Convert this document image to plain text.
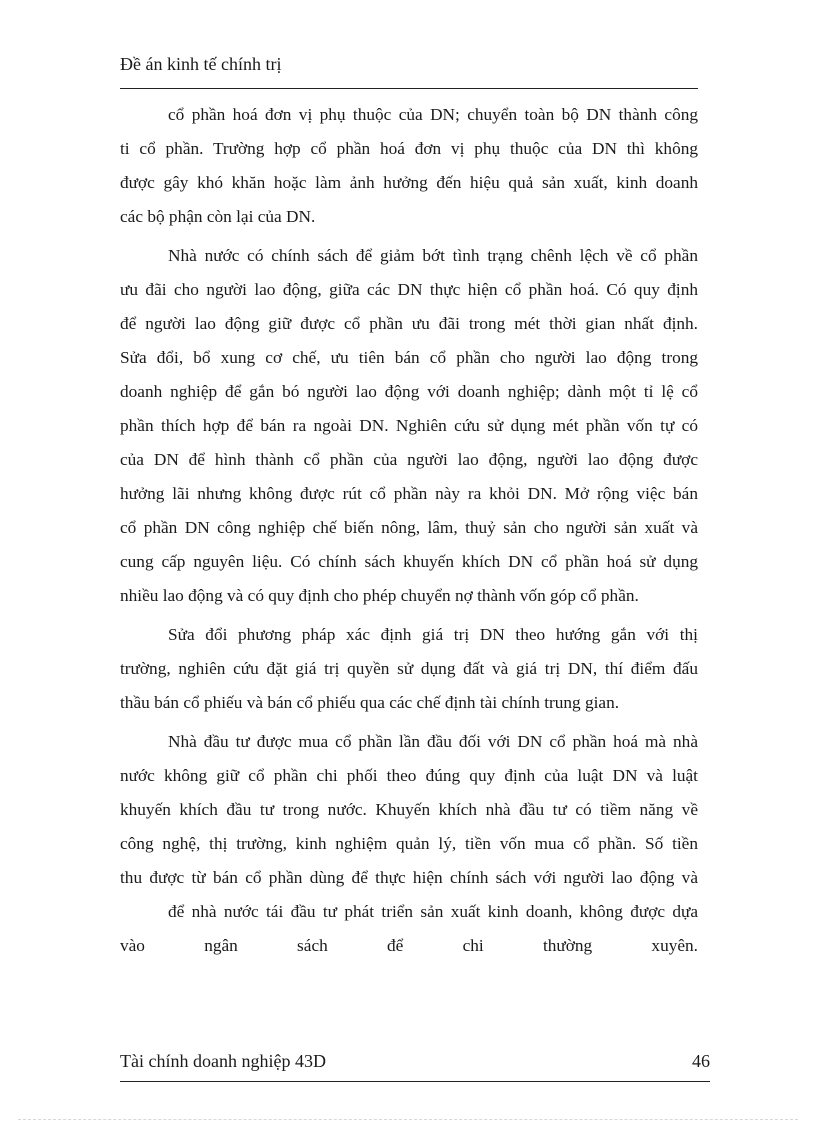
Đề án kinh tế chính trị
cổ phần hoá đơn vị phụ thuộc của DN; chuyển toàn bộ DN thành công
ti cổ phần. Trường hợp cổ phần hoá đơn vị phụ thuộc của DN thì không
được gây khó khăn hoặc làm ảnh hưởng đến hiệu quả sản xuất, kinh doanh
các bộ phận còn lại của DN.
Nhà nước có chính sách để giảm bớt tình trạng chênh lệch về cổ phần
ưu đãi cho người lao động, giữa các DN thực hiện cổ phần hoá. Có quy định
để người lao động giữ được cổ phần ưu đãi trong mét thời gian nhất định.
Sửa đổi, bổ xung cơ chế, ưu tiên bán cổ phần cho người lao động trong
doanh nghiệp để gắn bó người lao động với doanh nghiệp; dành một tỉ lệ cổ
phần thích hợp để bán ra ngoài DN. Nghiên cứu sử dụng mét phần vốn tự có
của DN để hình thành cổ phần của người lao động, người lao động được
hưởng lãi nhưng không được rút cổ phần này ra khỏi DN. Mở rộng việc bán
cổ phần DN công nghiệp chế biến nông, lâm, thuỷ sản cho người sản xuất và
cung cấp nguyên liệu. Có chính sách khuyến khích DN cổ phần hoá sử dụng
nhiều lao động và có quy định cho phép chuyển nợ thành vốn góp cổ phần.
Sửa đổi phương pháp xác định giá trị DN theo hướng gắn với thị
trường, nghiên cứu đặt giá trị quyền sử dụng đất và giá trị DN, thí điểm đấu
thầu bán cổ phiếu và bán cổ phiếu qua các chế định tài chính trung gian.
Nhà đầu tư được mua cổ phần lần đầu đối với DN cổ phần hoá mà nhà
nước không giữ cổ phần chi phối theo đúng quy định của luật DN và luật
khuyến khích đầu tư trong nước. Khuyến khích nhà đầu tư có tiềm năng về
công nghệ, thị trường, kinh nghiệm quản lý, tiền vốn mua cổ phần. Số tiền
thu được từ bán cổ phần dùng để thực hiện chính sách với người lao động và
để nhà nước tái đầu tư phát triển sản xuất kinh doanh, không được dựa
vào ngân sách để chi thường xuyên.
Tài chính doanh nghiệp 43D	46
